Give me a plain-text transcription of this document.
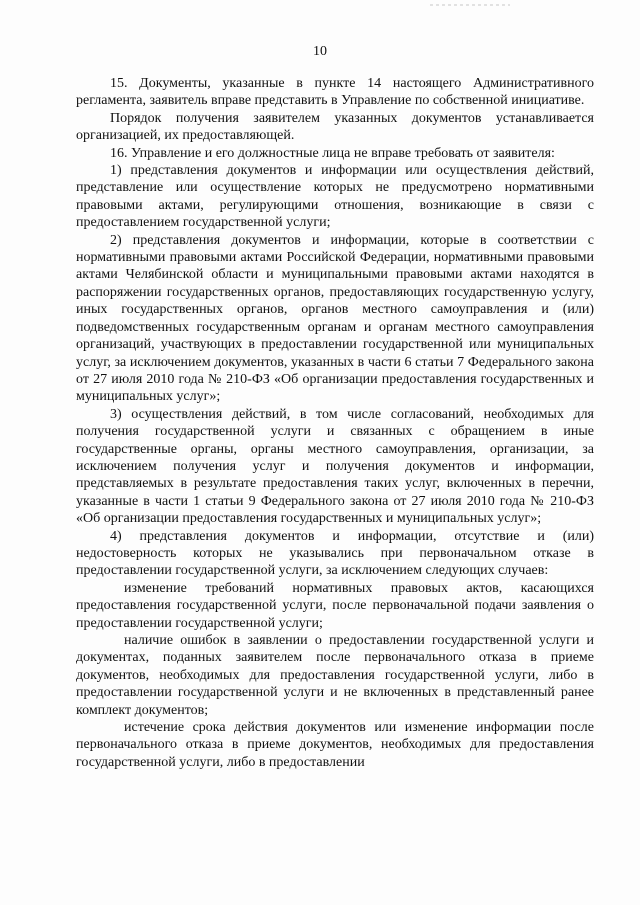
10

15. Документы, указанные в пункте 14 настоящего Административного регламента, заявитель вправе представить в Управление по собственной инициативе.

Порядок получения заявителем указанных документов устанавливается организацией, их предоставляющей.

16. Управление и его должностные лица не вправе требовать от заявителя:

1) представления документов и информации или осуществления действий, представление или осуществление которых не предусмотрено нормативными правовыми актами, регулирующими отношения, возникающие в связи с предоставлением государственной услуги;

2) представления документов и информации, которые в соответствии с нормативными правовыми актами Российской Федерации, нормативными правовыми актами Челябинской области и муниципальными правовыми актами находятся в распоряжении государственных органов, предоставляющих государственную услугу, иных государственных органов, органов местного самоуправления и (или) подведомственных государственным органам и органам местного самоуправления организаций, участвующих в предоставлении государственной или муниципальных услуг, за исключением документов, указанных в части 6 статьи 7 Федерального закона от 27 июля 2010 года № 210-ФЗ «Об организации предоставления государственных и муниципальных услуг»;

3) осуществления действий, в том числе согласований, необходимых для получения государственной услуги и связанных с обращением в иные государственные органы, органы местного самоуправления, организации, за исключением получения услуг и получения документов и информации, представляемых в результате предоставления таких услуг, включенных в перечни, указанные в части 1 статьи 9 Федерального закона от 27 июля 2010 года № 210-ФЗ «Об организации предоставления государственных и муниципальных услуг»;

4) представления документов и информации, отсутствие и (или) недостоверность которых не указывались при первоначальном отказе в предоставлении государственной услуги, за исключением следующих случаев:

изменение требований нормативных правовых актов, касающихся предоставления государственной услуги, после первоначальной подачи заявления о предоставлении государственной услуги;

наличие ошибок в заявлении о предоставлении государственной услуги и документах, поданных заявителем после первоначального отказа в приеме документов, необходимых для предоставления государственной услуги, либо в предоставлении государственной услуги и не включенных в представленный ранее комплект документов;

истечение срока действия документов или изменение информации после первоначального отказа в приеме документов, необходимых для предоставления государственной услуги, либо в предоставлении
